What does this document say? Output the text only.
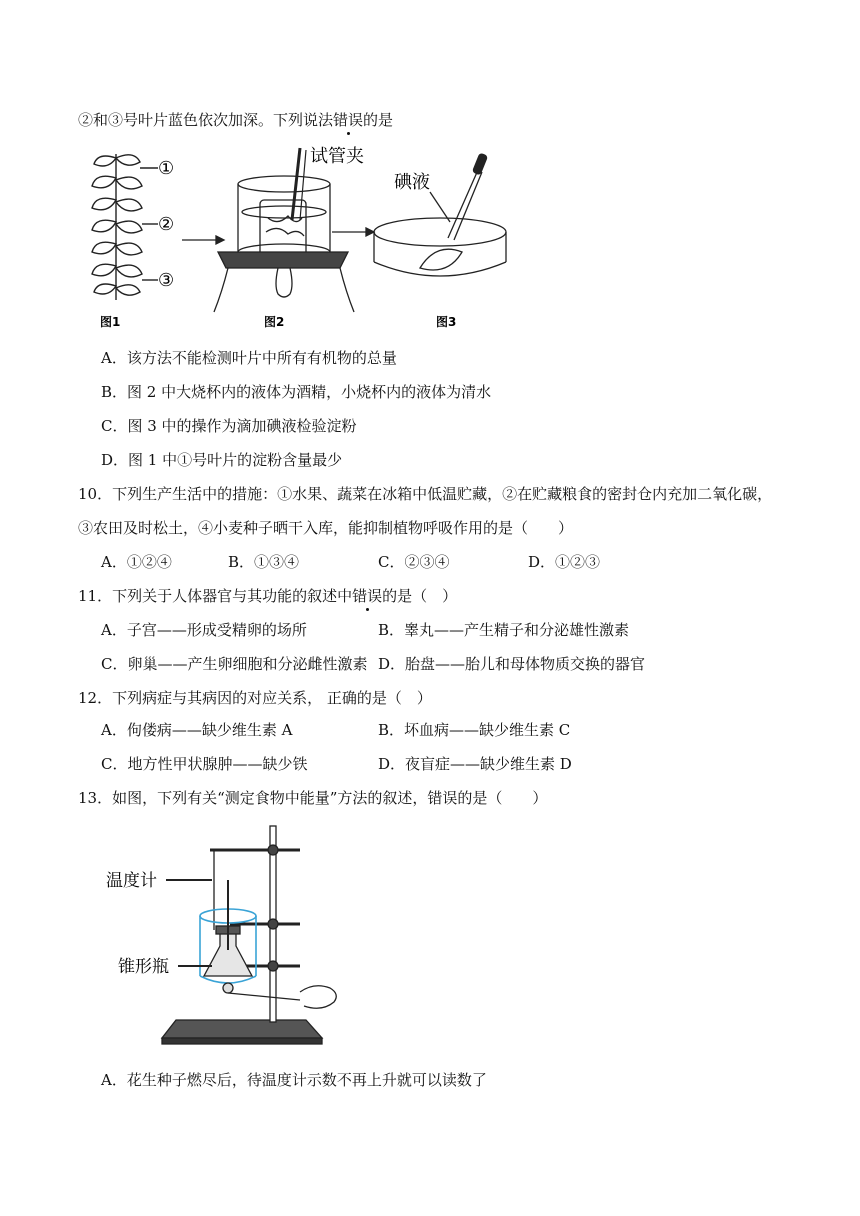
②和③号叶片蓝色依次加深。下列说法错误的是
①
②
③
试管夹
碘液
图1	图2	图3
A．该方法不能检测叶片中所有有机物的总量
B．图 2 中大烧杯内的液体为酒精，小烧杯内的液体为清水
C．图 3 中的操作为滴加碘液检验淀粉
D．图 1 中①号叶片的淀粉含量最少
10．下列生产生活中的措施：①水果、蔬菜在冰箱中低温贮藏，②在贮藏粮食的密封仓内充加二氧化碳，
③农田及时松土，④小麦种子晒干入库，能抑制植物呼吸作用的是（　　）
A．①②④	B．①③④	C．②③④	D．①②③
11．下列关于人体器官与其功能的叙述中错误的是（　）
A．子宫——形成受精卵的场所	B．睾丸——产生精子和分泌雄性激素
C．卵巢——产生卵细胞和分泌雌性激素 D．胎盘——胎儿和母体物质交换的器官
12．下列病症与其病因的对应关系， 正确的是（　）
A．佝偻病——缺少维生素 A	B．坏血病——缺少维生素 C
C．地方性甲状腺肿——缺少铁	D．夜盲症——缺少维生素 D
13．如图，下列有关“测定食物中能量”方法的叙述，错误的是（　　）
温度计
锥形瓶
A．花生种子燃尽后，待温度计示数不再上升就可以读数了
